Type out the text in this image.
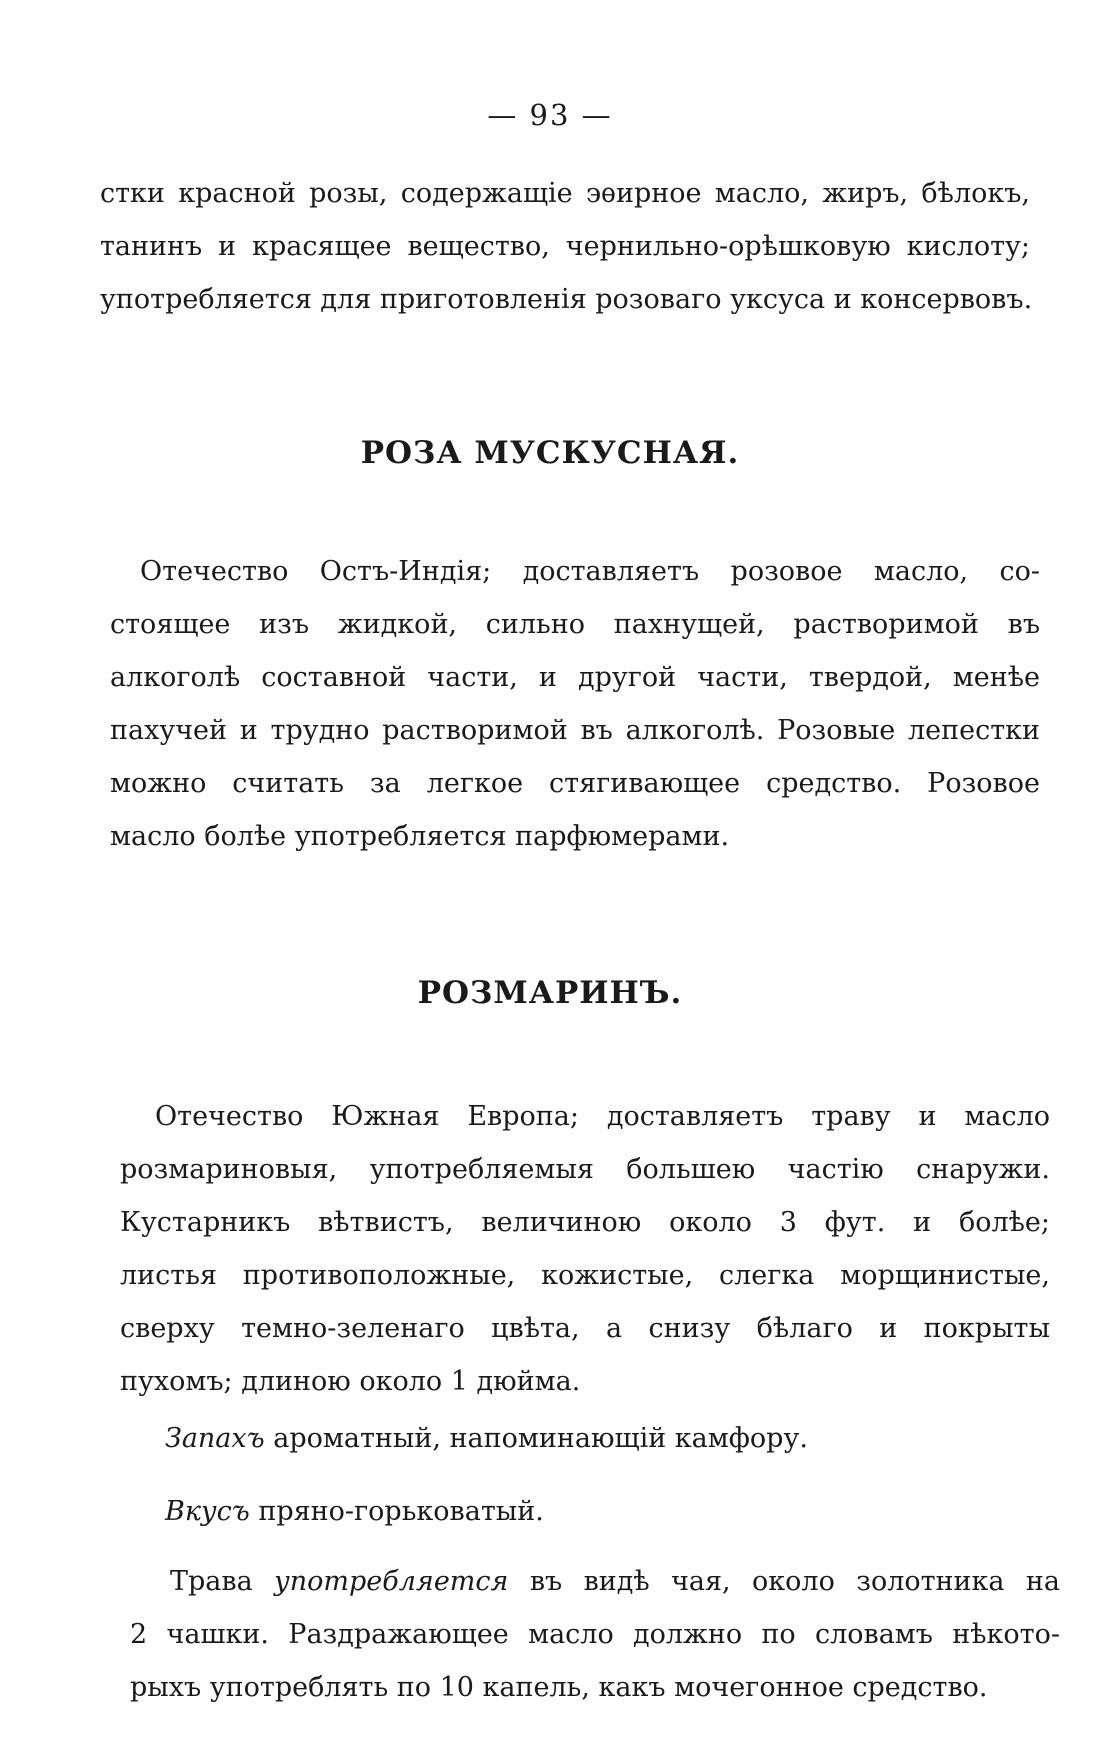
— 93 —
стки красной розы, содержащіе эѳирное масло, жиръ, бѣлокъ,
танинъ и красящее вещество, чернильно-орѣшковую кислоту;
употребляется для приготовленія розоваго уксуса и консервовъ.
РОЗА МУСКУСНАЯ.
Отечество Остъ-Индія; доставляетъ розовое масло, со-
стоящее изъ жидкой, сильно пахнущей, растворимой въ
алкоголѣ составной части, и другой части, твердой, менѣе
пахучей и трудно растворимой въ алкоголѣ. Розовые лепестки
можно считать за легкое стягивающее средство. Розовое
масло болѣе употребляется парфюмерами.
РОЗМАРИНЪ.
Отечество Южная Европа; доставляетъ траву и масло
розмариновыя, употребляемыя большею частію снаружи.
Кустарникъ вѣтвистъ, величиною около 3 фут. и болѣе;
листья противоположные, кожистые, слегка морщинистые,
сверху темно-зеленаго цвѣта, а снизу бѣлаго и покрыты
пухомъ; длиною около 1 дюйма.
Запахъ ароматный, напоминающій камфору.
Вкусъ пряно-горьковатый.
Трава употребляется въ видѣ чая, около золотника на
2 чашки. Раздражающее масло должно по словамъ нѣкото-
рыхъ употреблять по 10 капель, какъ мочегонное средство.
